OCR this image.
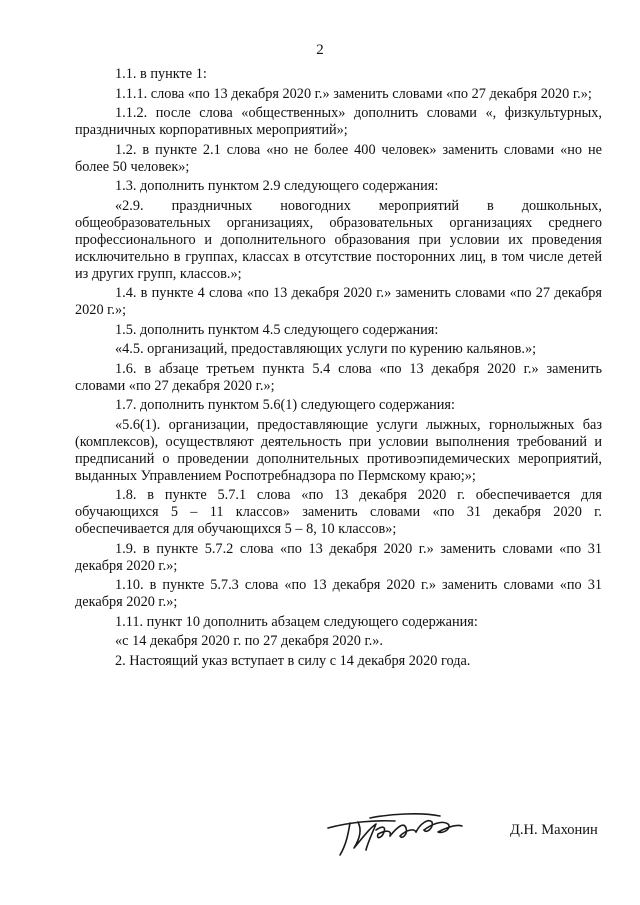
2

1.1. в пункте 1:

1.1.1. слова «по 13 декабря 2020 г.» заменить словами «по 27 декабря 2020 г.»;

1.1.2. после слова «общественных» дополнить словами «, физкультурных, праздничных корпоративных мероприятий»;

1.2. в пункте 2.1 слова «но не более 400 человек» заменить словами «но не более 50 человек»;

1.3. дополнить пунктом 2.9 следующего содержания:

«2.9. праздничных новогодних мероприятий в дошкольных, общеобразовательных организациях, образовательных организациях среднего профессионального и дополнительного образования при условии их проведения исключительно в группах, классах в отсутствие посторонних лиц, в том числе детей из других групп, классов.»;

1.4. в пункте 4 слова «по 13 декабря 2020 г.» заменить словами «по 27 декабря 2020 г.»;

1.5. дополнить пунктом 4.5 следующего содержания:

«4.5. организаций, предоставляющих услуги по курению кальянов.»;

1.6. в абзаце третьем пункта 5.4 слова «по 13 декабря 2020 г.» заменить словами «по 27 декабря 2020 г.»;

1.7. дополнить пунктом 5.6(1) следующего содержания:

«5.6(1). организации, предоставляющие услуги лыжных, горнолыжных баз (комплексов), осуществляют деятельность при условии выполнения требований и предписаний о проведении дополнительных противоэпидемических мероприятий, выданных Управлением Роспотребнадзора по Пермскому краю;»;

1.8. в пункте 5.7.1 слова «по 13 декабря 2020 г. обеспечивается для обучающихся 5 – 11 классов» заменить словами «по 31 декабря 2020 г. обеспечивается для обучающихся 5 – 8, 10 классов»;

1.9. в пункте 5.7.2 слова «по 13 декабря 2020 г.» заменить словами «по 31 декабря 2020 г.»;

1.10. в пункте 5.7.3 слова «по 13 декабря 2020 г.» заменить словами «по 31 декабря 2020 г.»;

1.11. пункт 10 дополнить абзацем следующего содержания:

«с 14 декабря 2020 г. по 27 декабря 2020 г.».

2. Настоящий указ вступает в силу с 14 декабря 2020 года.

Д.Н. Махонин
